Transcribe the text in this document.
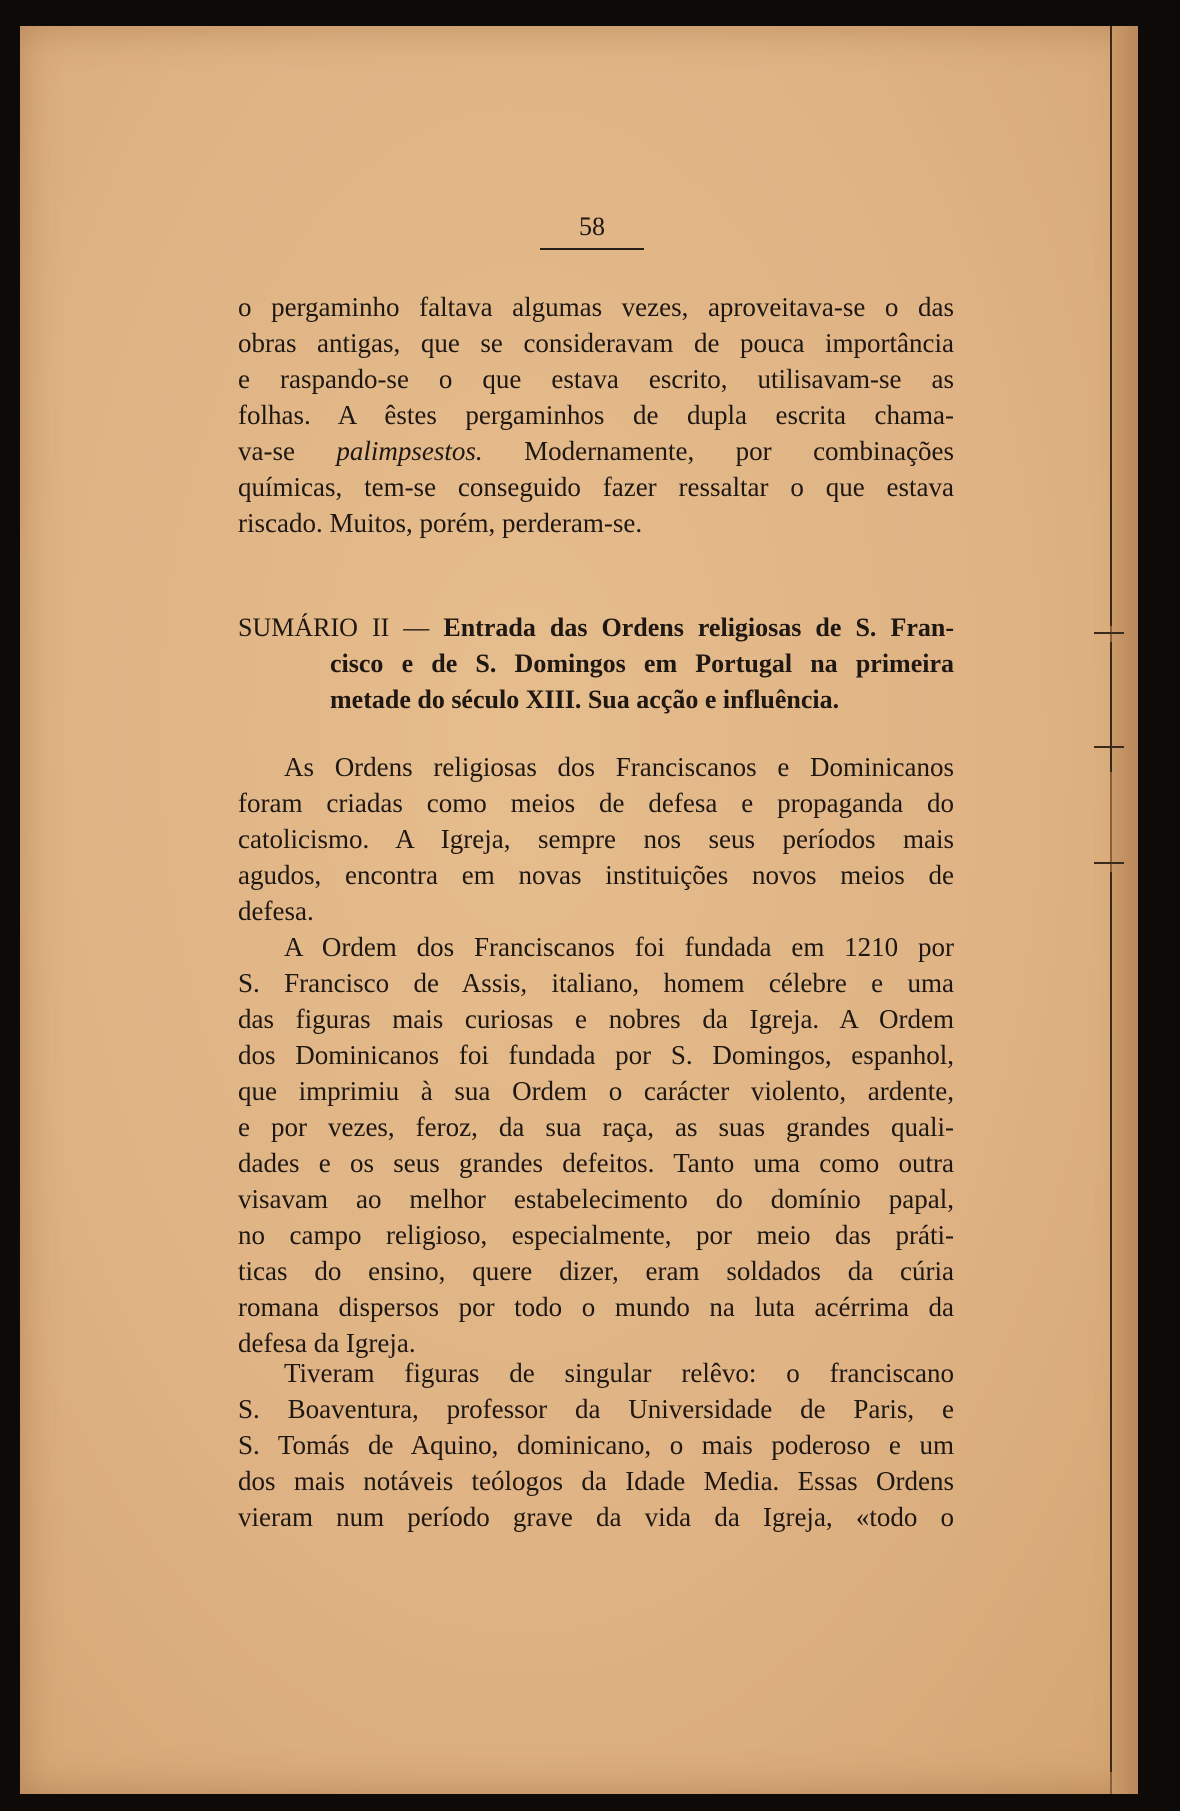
58
o pergaminho faltava algumas vezes, aproveitava-se o das
obras antigas, que se consideravam de pouca importância
e raspando-se o que estava escrito, utilisavam-se as
folhas. A êstes pergaminhos de dupla escrita chama-
va-se palimpsestos. Modernamente, por combinações
químicas, tem-se conseguido fazer ressaltar o que estava
riscado. Muitos, porém, perderam-se.
SUMÁRIO II — Entrada das Ordens religiosas de S. Fran-
cisco e de S. Domingos em Portugal na primeira
metade do século XIII. Sua acção e influência.
As Ordens religiosas dos Franciscanos e Dominicanos
foram criadas como meios de defesa e propaganda do
catolicismo. A Igreja, sempre nos seus períodos mais
agudos, encontra em novas instituições novos meios de
defesa.
A Ordem dos Franciscanos foi fundada em 1210 por
S. Francisco de Assis, italiano, homem célebre e uma
das figuras mais curiosas e nobres da Igreja. A Ordem
dos Dominicanos foi fundada por S. Domingos, espanhol,
que imprimiu à sua Ordem o carácter violento, ardente,
e por vezes, feroz, da sua raça, as suas grandes quali-
dades e os seus grandes defeitos. Tanto uma como outra
visavam ao melhor estabelecimento do domínio papal,
no campo religioso, especialmente, por meio das práti-
ticas do ensino, quere dizer, eram soldados da cúria
romana dispersos por todo o mundo na luta acérrima da
defesa da Igreja.
Tiveram figuras de singular relêvo: o franciscano
S. Boaventura, professor da Universidade de Paris, e
S. Tomás de Aquino, dominicano, o mais poderoso e um
dos mais notáveis teólogos da Idade Media. Essas Ordens
vieram num período grave da vida da Igreja, «todo o
